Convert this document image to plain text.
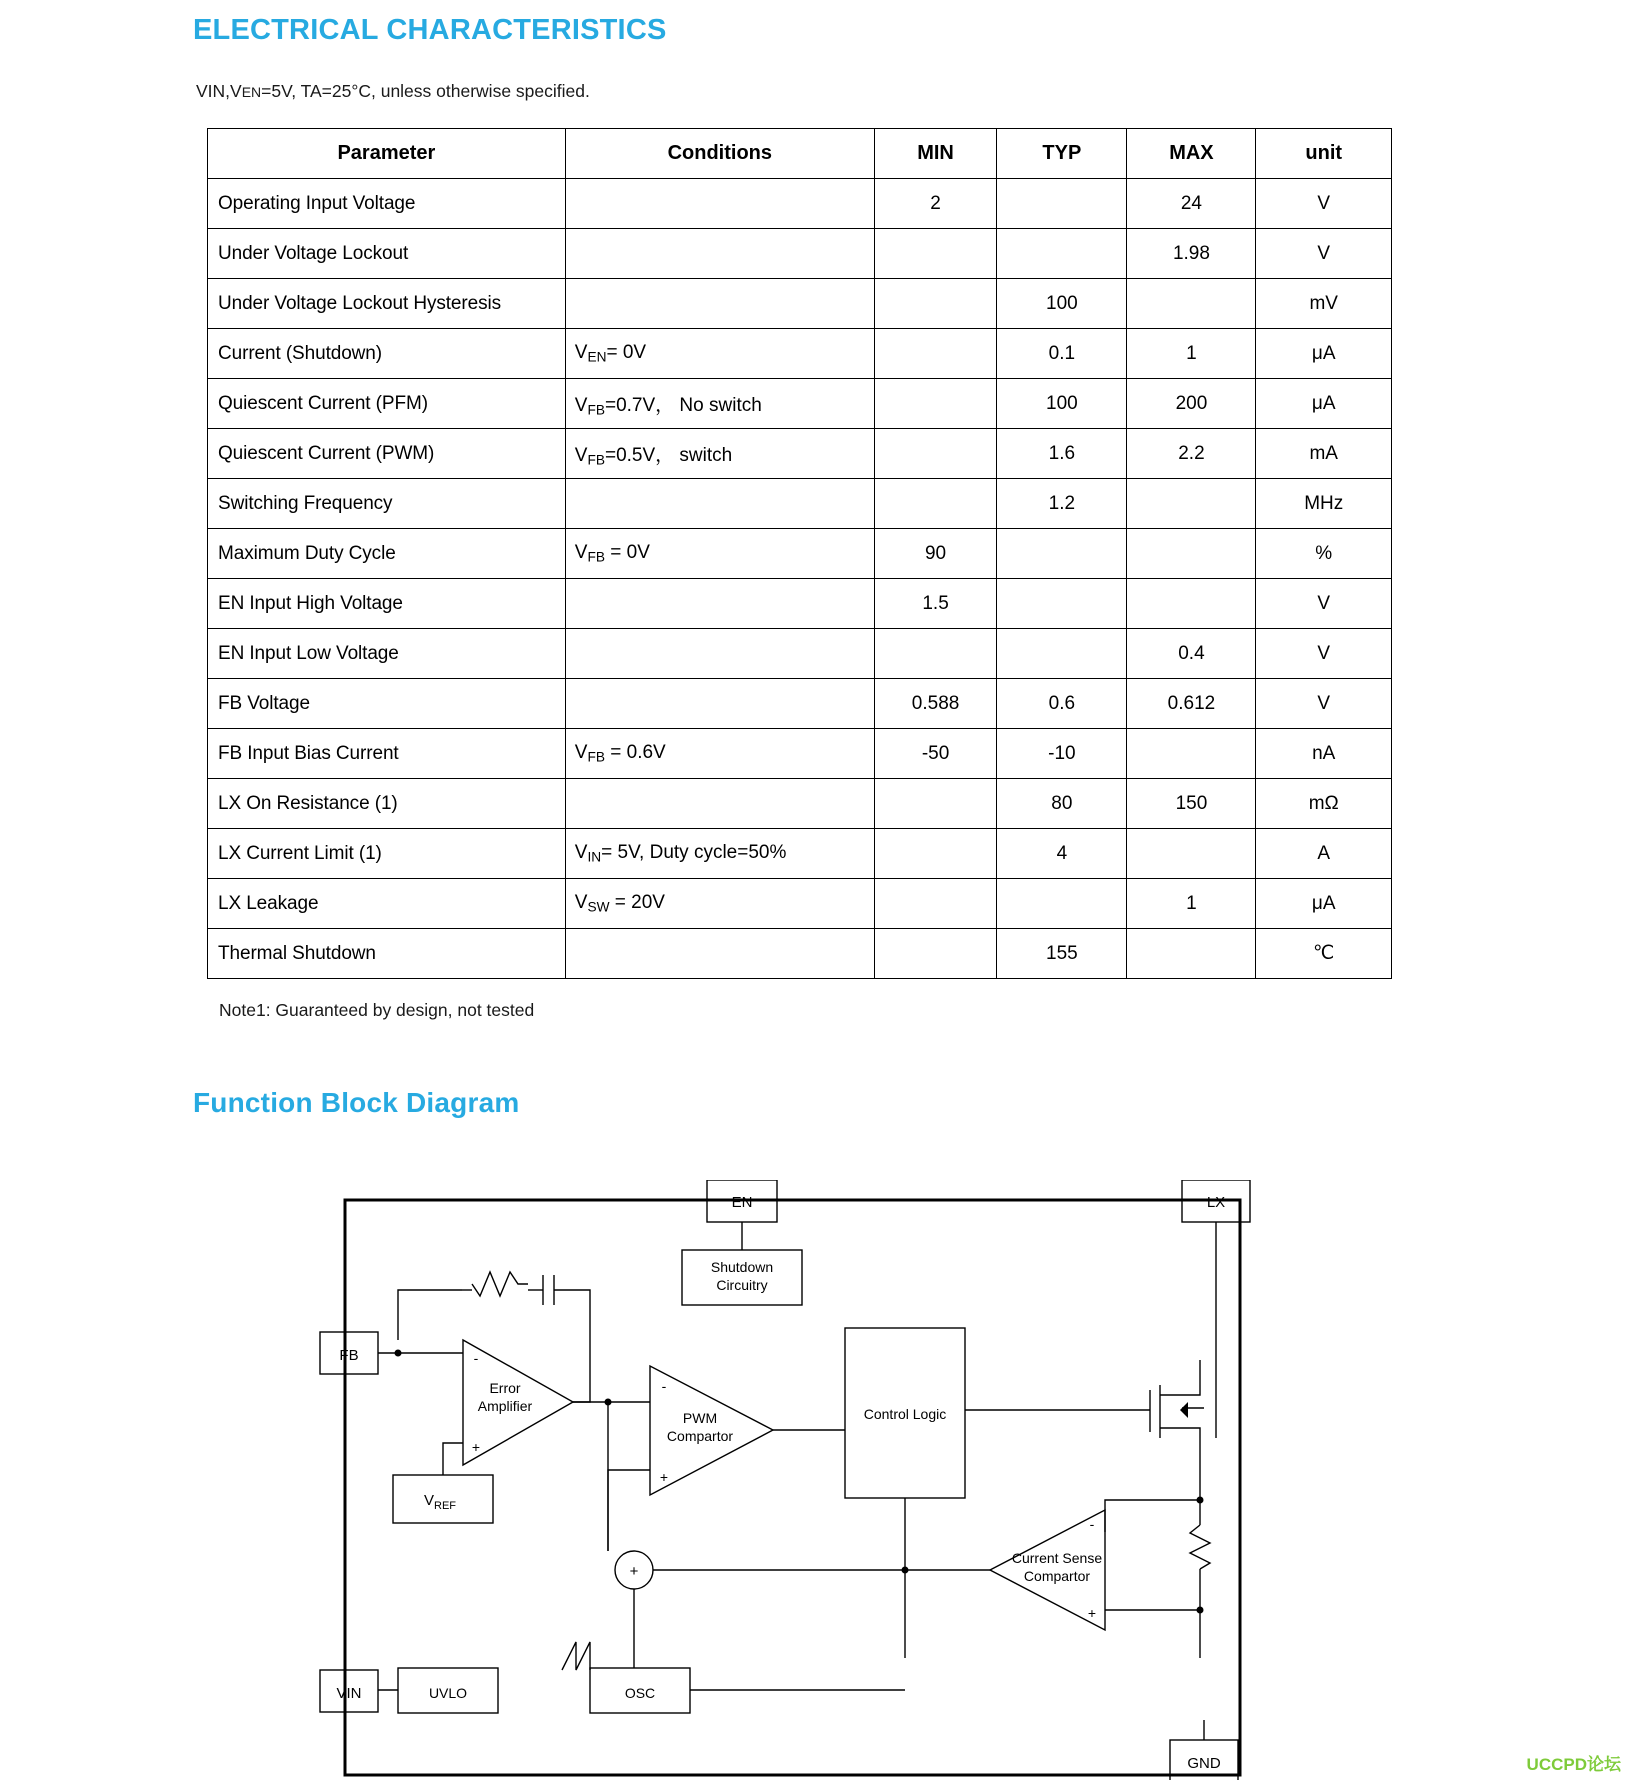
ELECTRICAL CHARACTERISTICS
VIN,VEN=5V, TA=25°C, unless otherwise specified.
Parameter	Conditions	MIN	TYP	MAX	unit
Operating Input Voltage		2		24	V
Under Voltage Lockout				1.98	V
Under Voltage Lockout Hysteresis			100		mV
Current (Shutdown)	$V_{EN}= 0V$		0.1	1	μA
Quiescent Current (PFM)	$V_{FB}=0.7V$， No switch		100	200	μA
Quiescent Current (PWM)	$V_{FB}=0.5V$， switch		1.6	2.2	mA
Switching Frequency			1.2		MHz
Maximum Duty Cycle	$V_{FB} = 0V$	90			%
EN Input High Voltage		1.5			V
EN Input Low Voltage				0.4	V
FB Voltage		0.588	0.6	0.612	V
FB Input Bias Current	$V_{FB} = 0.6V$	-50	-10		nA
LX On Resistance (1)			80	150	mΩ
LX Current Limit (1)	$V_{IN}= 5V$, Duty cycle=50%		4		A
LX Leakage	$V_{SW} = 20V$			1	μA
Thermal Shutdown			155		℃
Note1: Guaranteed by design, not tested
Function Block Diagram
EN	LX
FB
VIN
GND
Shutdown
Circuitry
Error
Amplifier
PWM
Compartor
Control Logic
Current Sense
Compartor
$V_{REF}$
UVLO	OSC
-
+
-
+
-
+
+
UCCPD论坛
